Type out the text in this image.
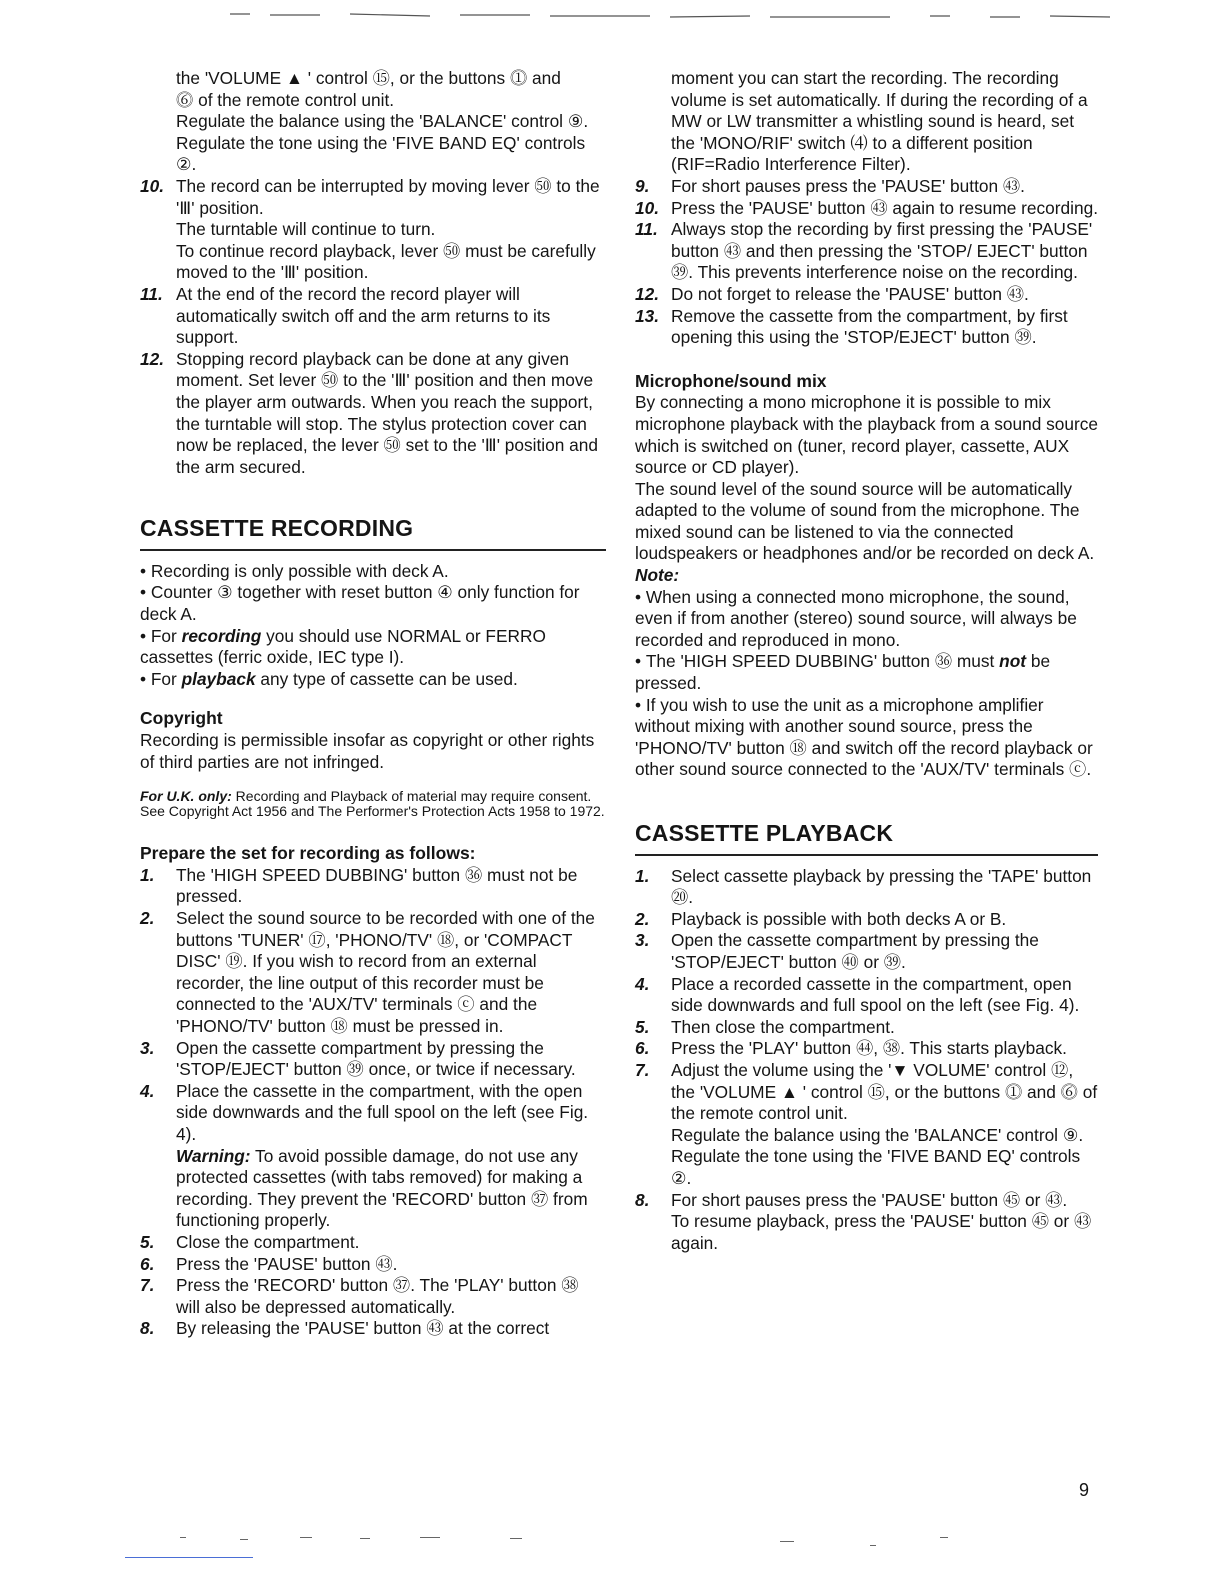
the 'VOLUME ▲ ' control ⑮, or the buttons ⓵ and

⓺ of the remote control unit.

Regulate the balance using the 'BALANCE' control ⑨.

Regulate the tone using the 'FIVE BAND EQ' controls ②.

10. The record can be interrupted by moving lever ㊿ to the 'Ⅲ' position.

The turntable will continue to turn.

To continue record playback, lever ㊿ must be carefully moved to the 'Ⅲ' position.

11. At the end of the record the record player will automatically switch off and the arm returns to its support.

12. Stopping record playback can be done at any given moment. Set lever ㊿ to the 'Ⅲ' position and then move the player arm outwards. When you reach the support, the turntable will stop. The stylus protection cover can now be replaced, the lever ㊿ set to the 'Ⅲ' position and the arm secured.

CASSETTE RECORDING

• Recording is only possible with deck A.

• Counter ③ together with reset button ④ only function for deck A.

• For recording you should use NORMAL or FERRO cassettes (ferric oxide, IEC type I).

• For playback any type of cassette can be used.

Copyright

Recording is permissible insofar as copyright or other rights of third parties are not infringed.

For U.K. only: Recording and Playback of material may require consent. See Copyright Act 1956 and The Performer's Protection Acts 1958 to 1972.

Prepare the set for recording as follows:
1.	The 'HIGH SPEED DUBBING' button ㊱ must not be pressed.

2.	Select the sound source to be recorded with one of the buttons 'TUNER' ⑰, 'PHONO/TV' ⑱, or 'COMPACT DISC' ⑲. If you wish to record from an external recorder, the line output of this recorder must be connected to the 'AUX/TV' terminals ⓒ and the 'PHONO/TV' button ⑱ must be pressed in.

3.	Open the cassette compartment by pressing the 'STOP/EJECT' button ㊴ once, or twice if necessary.

4.	Place the cassette in the compartment, with the open side downwards and the full spool on the left (see Fig. 4).

Warning: To avoid possible damage, do not use any protected cassettes (with tabs removed) for making a recording. They prevent the 'RECORD' button ㊲ from functioning properly.

5.	Close the compartment.

6.	Press the 'PAUSE' button ㊸.

7.	Press the 'RECORD' button ㊲. The 'PLAY' button ㊳ will also be depressed automatically.

8.	By releasing the 'PAUSE' button ㊸ at the correct

moment you can start the recording. The recording volume is set automatically. If during the recording of a MW or LW transmitter a whistling sound is heard, set the 'MONO/RIF' switch ⑷ to a different position (RIF=Radio Interference Filter).

9.	For short pauses press the 'PAUSE' button ㊸.

10. Press the 'PAUSE' button ㊸ again to resume recording.

11. Always stop the recording by first pressing the 'PAUSE' button ㊸ and then pressing the 'STOP/ EJECT' button ㊴. This prevents interference noise on the recording.

12. Do not forget to release the 'PAUSE' button ㊸.

13. Remove the cassette from the compartment, by first opening this using the 'STOP/EJECT' button ㊴.

Microphone/sound mix

By connecting a mono microphone it is possible to mix microphone playback with the playback from a sound source which is switched on (tuner, record player, cassette, AUX source or CD player).

The sound level of the sound source will be automatically adapted to the volume of sound from the microphone. The mixed sound can be listened to via the connected loudspeakers or headphones and/or be recorded on deck A.

Note:

• When using a connected mono microphone, the sound, even if from another (stereo) sound source, will always be recorded and reproduced in mono.

• The 'HIGH SPEED DUBBING' button ㊱ must not be pressed.

• If you wish to use the unit as a microphone amplifier without mixing with another sound source, press the 'PHONO/TV' button ⑱ and switch off the record playback or other sound source connected to the 'AUX/TV' terminals ⓒ.

CASSETTE PLAYBACK
1.	Select cassette playback by pressing the 'TAPE' button ⑳.

2.	Playback is possible with both decks A or B.

3.	Open the cassette compartment by pressing the 'STOP/EJECT' button ㊵ or ㊴.

4.	Place a recorded cassette in the compartment, open side downwards and full spool on the left (see Fig. 4).

5.	Then close the compartment.

6.	Press the 'PLAY' button ㊹, ㊳. This starts playback.

7.	Adjust the volume using the '▼ VOLUME' control ⑫, the 'VOLUME ▲ ' control ⑮, or the buttons ⓵ and ⓺ of the remote control unit.

Regulate the balance using the 'BALANCE' control ⑨.

Regulate the tone using the 'FIVE BAND EQ' controls ②.

8.	For short pauses press the 'PAUSE' button ㊺ or ㊸.

To resume playback, press the 'PAUSE' button ㊺ or ㊸ again.

9
